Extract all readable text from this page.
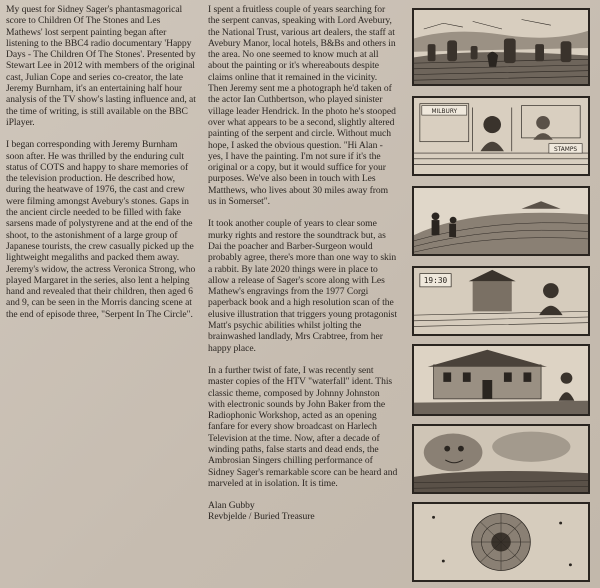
My quest for Sidney Sager's phantasmagorical score to Children Of The Stones and Les Mathews' lost serpent painting began after listening to the BBC4 radio documentary 'Happy Days - The Children Of The Stones'. Presented by Stewart Lee in 2012 with members of the original cast, Julian Cope and series co-creator, the late Jeremy Burnham, it's an entertaining half hour analysis of the TV show's lasting influence and, at the time of writing, is still available on the BBC iPlayer.

I began corresponding with Jeremy Burnham soon after. He was thrilled by the enduring cult status of COTS and happy to share memories of the television production. He described how, during the heatwave of 1976, the cast and crew were filming amongst Avebury's stones. Gaps in the ancient circle needed to be filled with fake sarsens made of polystyrene and at the end of the shoot, to the astonishment of a large group of Japanese tourists, the crew casually picked up the lightweight megaliths and packed them away. Jeremy's widow, the actress Veronica Strong, who played Margaret in the series, also lent a helping hand and revealed that their children, then aged 6 and 9, can be seen in the Morris dancing scene at the end of episode three, "Serpent In The Circle".

I spent a fruitless couple of years searching for the serpent canvas, speaking with Lord Avebury, the National Trust, various art dealers, the staff at Avebury Manor, local hotels, B&Bs and others in the area. No one seemed to know much at all about the painting or it's whereabouts despite claims online that it remained in the vicinity. Then Jeremy sent me a photograph he'd taken of the actor Ian Cuthbertson, who played sinister village leader Hendrick. In the photo he's stooped over what appears to be a second, slightly altered painting of the serpent and circle. Without much hope, I asked the obvious question. "Hi Alan - yes, I have the painting. I'm not sure if it's the original or a copy, but it would suffice for your purposes. We've also been in touch with Les Matthews, who lives about 30 miles away from us in Somerset".

It took another couple of years to clear some murky rights and restore the soundtrack but, as Dai the poacher and Barber-Surgeon would probably agree, there's more than one way to skin a rabbit. By late 2020 things were in place to allow a release of Sager's score along with Les Mathew's engravings from the 1977 Corgi paperback book and a high resolution scan of the elusive illustration that triggers young protagonist Matt's psychic abilities whilst jolting the brainwashed landlady, Mrs Crabtree, from her happy place.

In a further twist of fate, I was recently sent master copies of the HTV "waterfall" ident. This classic theme, composed by Johnny Johnston with electronic sounds by John Baker from the Radiophonic Workshop, acted as an opening fanfare for every show broadcast on Harlech Television at the time. Now, after a decade of winding paths, false starts and dead ends, the Ambrosian Singers chilling performance of Sidney Sager's remarkable score can be heard and marveled at in isolation. It is time.

Alan Gubby

Revbjelde / Buried Treasure

MILBURY
STAMPS
19:30
